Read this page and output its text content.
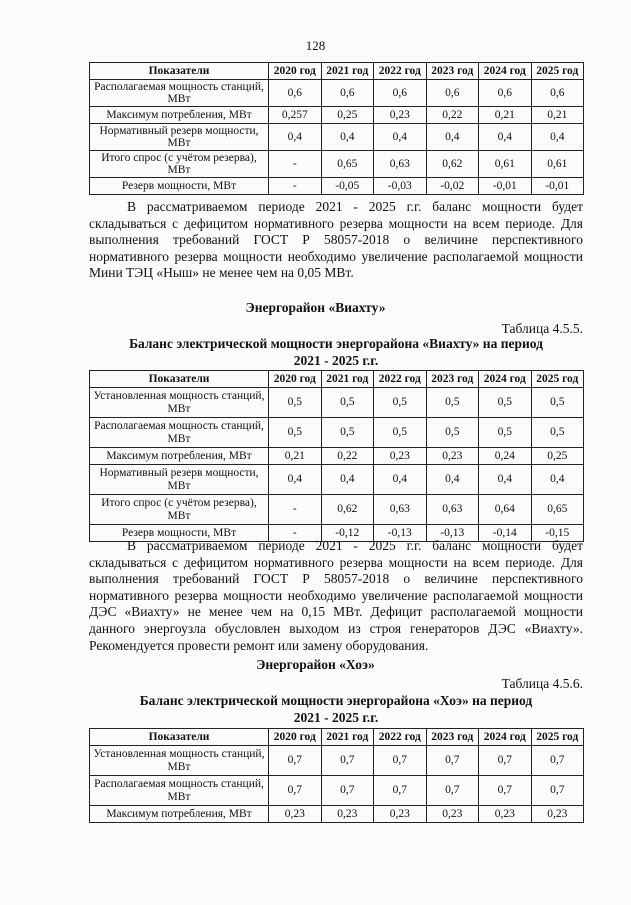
128
Показатели	2020 год	2021 год	2022 год	2023 год	2024 год	2025 год
Располагаемая мощность станций, МВт	0,6	0,6	0,6	0,6	0,6	0,6
Максимум потребления, МВт	0,257	0,25	0,23	0,22	0,21	0,21
Нормативный резерв мощности, МВт	0,4	0,4	0,4	0,4	0,4	0,4
Итого спрос (с учётом резерва), МВт	-	0,65	0,63	0,62	0,61	0,61
Резерв мощности, МВт	-	-0,05	-0,03	-0,02	-0,01	-0,01

В рассматриваемом периоде 2021 - 2025 г.г. баланс мощности будет складываться с дефицитом нормативного резерва мощности на всем периоде. Для выполнения требований ГОСТ Р 58057-2018 о величине перспективного нормативного резерва мощности необходимо увеличение располагаемой мощности Мини ТЭЦ «Ныш» не менее чем на 0,05 МВт.

Энергорайон «Виахту»

Таблица 4.5.5.

Баланс электрической мощности энергорайона «Виахту» на период

2021 - 2025 г.г.

Показатели	2020 год	2021 год	2022 год	2023 год	2024 год	2025 год
Установленная мощность станций, МВт	0,5	0,5	0,5	0,5	0,5	0,5
Располагаемая мощность станций, МВт	0,5	0,5	0,5	0,5	0,5	0,5
Максимум потребления, МВт	0,21	0,22	0,23	0,23	0,24	0,25
Нормативный резерв мощности, МВт	0,4	0,4	0,4	0,4	0,4	0,4
Итого спрос (с учётом резерва), МВт	-	0,62	0,63	0,63	0,64	0,65
Резерв мощности, МВт	-	-0,12	-0,13	-0,13	-0,14	-0,15

В рассматриваемом периоде 2021 - 2025 г.г. баланс мощности будет складываться с дефицитом нормативного резерва мощности на всем периоде. Для выполнения требований ГОСТ Р 58057-2018 о величине перспективного нормативного резерва мощности необходимо увеличение располагаемой мощности ДЭС «Виахту» не менее чем на 0,15 МВт. Дефицит располагаемой мощности данного энергоузла обусловлен выходом из строя генераторов ДЭС «Виахту». Рекомендуется провести ремонт или замену оборудования.

Энергорайон «Хоэ»

Таблица 4.5.6.

Баланс электрической мощности энергорайона «Хоэ» на период

2021 - 2025 г.г.

Показатели	2020 год	2021 год	2022 год	2023 год	2024 год	2025 год
Установленная мощность станций, МВт	0,7	0,7	0,7	0,7	0,7	0,7
Располагаемая мощность станций, МВт	0,7	0,7	0,7	0,7	0,7	0,7
Максимум потребления, МВт	0,23	0,23	0,23	0,23	0,23	0,23
